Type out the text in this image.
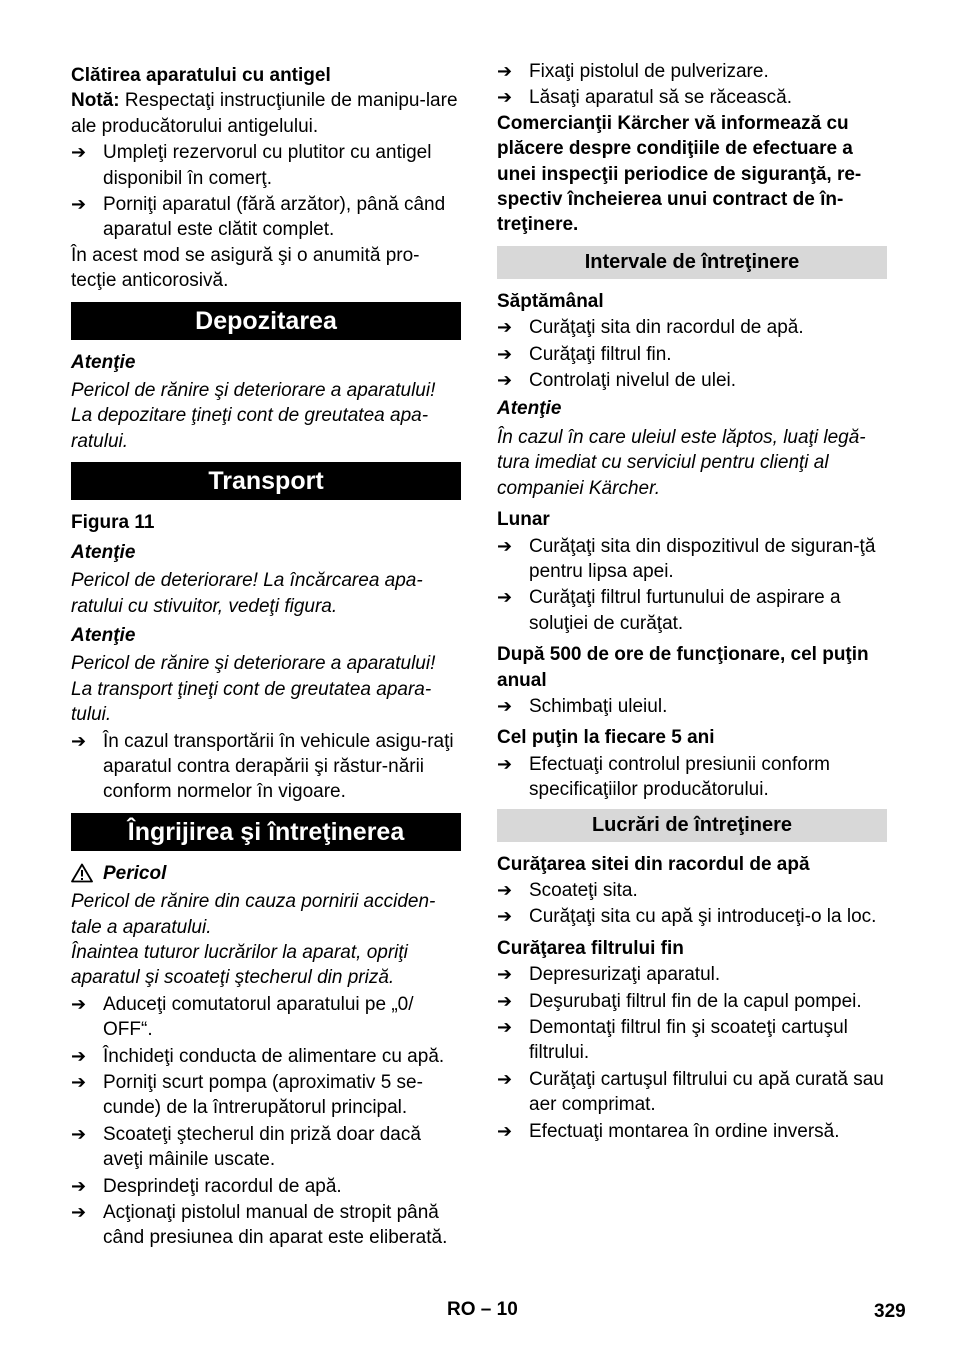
Clătirea aparatului cu antigel

Notă: Respectaţi instrucţiunile de manipu-lare ale producătorului antigelului.

➔ Umpleţi rezervorul cu plutitor cu antigel disponibil în comerţ.
➔ Porniţi aparatul (fără arzător), până când aparatul este clătit complet.

În acest mod se asigură şi o anumită pro-tecţie anticorosivă.

Depozitarea

Atenţie

Pericol de rănire şi deteriorare a aparatului! La depozitare ţineţi cont de greutatea apa-ratului.

Transport

Figura 11

Atenţie

Pericol de deteriorare! La încărcarea apa-ratului cu stivuitor, vedeţi figura.

Atenţie

Pericol de rănire şi deteriorare a aparatului! La transport ţineţi cont de greutatea apara-tului.

➔ În cazul transportării în vehicule asigu-raţi aparatul contra derapării şi răstur-nării conform normelor în vigoare.
Îngrijirea şi întreţinerea
Pericol

Pericol de rănire din cauza pornirii acciden-tale a aparatului.

Înaintea tuturor lucrărilor la aparat, opriţi aparatul şi scoateţi ştecherul din priză.

➔ Aduceţi comutatorul aparatului pe „0/ OFF“.
➔ Închideţi conducta de alimentare cu apă.
➔ Porniţi scurt pompa (aproximativ 5 se-cunde) de la întrerupătorul principal.
➔ Scoateţi ştecherul din priză doar dacă aveţi mâinile uscate.
➔ Desprindeţi racordul de apă.
➔ Acţionaţi pistolul manual de stropit până când presiunea din aparat este eliberată.
➔ Fixaţi pistolul de pulverizare.
➔ Lăsaţi aparatul să se răcească.

Comercianţii Kärcher vă informează cu plăcere despre condiţiile de efectuare a unei inspecţii periodice de siguranţă, re-spectiv încheierea unui contract de în-treţinere.

Intervale de întreţinere

Săptămânal

➔ Curăţaţi sita din racordul de apă.
➔ Curăţaţi filtrul fin.
➔ Controlaţi nivelul de ulei.

Atenţie

În cazul în care uleiul este lăptos, luaţi legă-tura imediat cu serviciul pentru clienţi al companiei Kärcher.

Lunar

➔ Curăţaţi sita din dispozitivul de siguran-ţă pentru lipsa apei.
➔ Curăţaţi filtrul furtunului de aspirare a soluţiei de curăţat.

După 500 de ore de funcţionare, cel puţin anual

➔ Schimbaţi uleiul.

Cel puţin la fiecare 5 ani

➔ Efectuaţi controlul presiunii conform specificaţiilor producătorului.
Lucrări de întreţinere

Curăţarea sitei din racordul de apă

➔ Scoateţi sita.
➔ Curăţaţi sita cu apă şi introduceţi-o la loc.

Curăţarea filtrului fin

➔ Depresurizaţi aparatul.
➔ Deşurubaţi filtrul fin de la capul pompei.
➔ Demontaţi filtrul fin şi scoateţi cartuşul filtrului.
➔ Curăţaţi cartuşul filtrului cu apă curată sau aer comprimat.
➔ Efectuaţi montarea în ordine inversă.
RO – 10	329
